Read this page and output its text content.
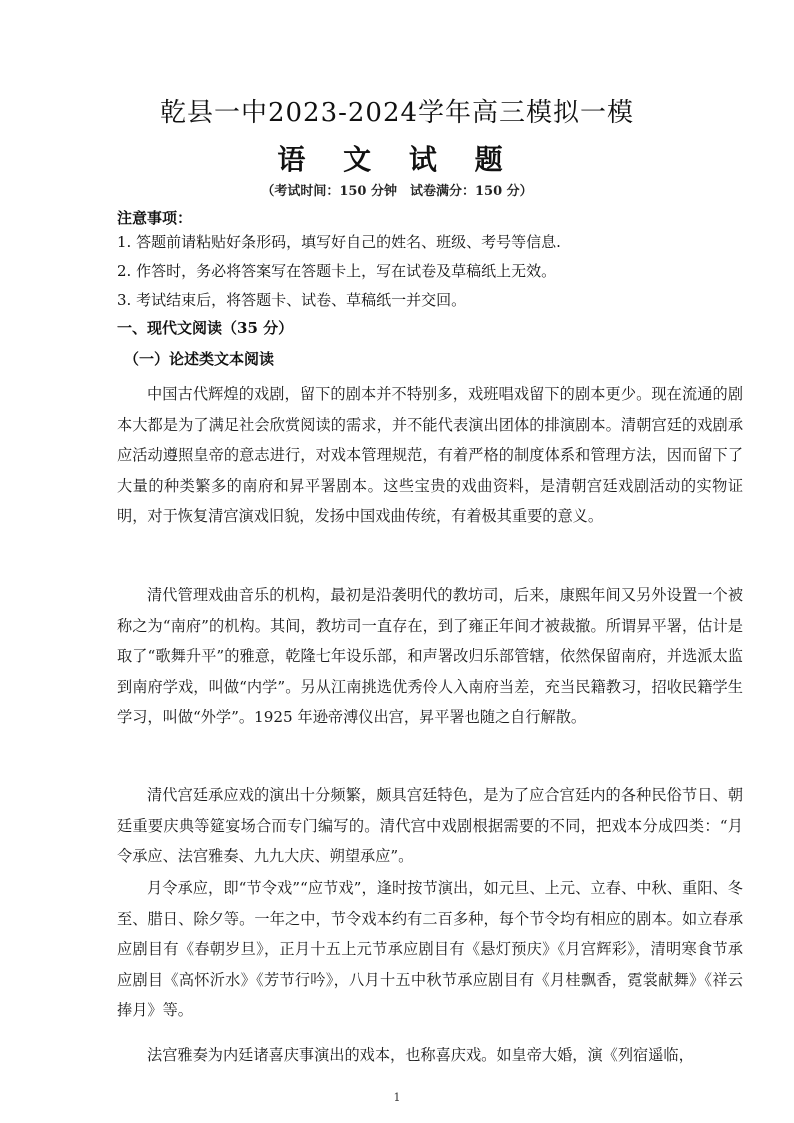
乾县一中2023-2024学年高三模拟一模
语 文 试 题
（考试时间：150 分钟　试卷满分：150 分）
注意事项：
1. 答题前请粘贴好条形码，填写好自己的姓名、班级、考号等信息.
2. 作答时，务必将答案写在答题卡上，写在试卷及草稿纸上无效。
3. 考试结束后，将答题卡、试卷、草稿纸一并交回。
一、现代文阅读（35 分）
（一）论述类文本阅读

中国古代辉煌的戏剧，留下的剧本并不特别多，戏班唱戏留下的剧本更少。现在流通的剧本大都是为了满足社会欣赏阅读的需求，并不能代表演出团体的排演剧本。清朝宫廷的戏剧承应活动遵照皇帝的意志进行，对戏本管理规范，有着严格的制度体系和管理方法，因而留下了大量的种类繁多的南府和昇平署剧本。这些宝贵的戏曲资料，是清朝宫廷戏剧活动的实物证明，对于恢复清宫演戏旧貌，发扬中国戏曲传统，有着极其重要的意义。

清代管理戏曲音乐的机构，最初是沿袭明代的教坊司，后来，康熙年间又另外设置一个被称之为“南府”的机构。其间，教坊司一直存在，到了雍正年间才被裁撤。所谓昇平署，估计是取了“歌舞升平”的雅意，乾隆七年设乐部，和声署改归乐部管辖，依然保留南府，并选派太监到南府学戏，叫做“内学”。另从江南挑选优秀伶人入南府当差，充当民籍教习，招收民籍学生学习，叫做“外学”。1925 年逊帝溥仪出宫，昇平署也随之自行解散。

清代宫廷承应戏的演出十分频繁，颇具宫廷特色，是为了应合宫廷内的各种民俗节日、朝廷重要庆典等筵宴场合而专门编写的。清代宫中戏剧根据需要的不同，把戏本分成四类：“月令承应、法宫雅奏、九九大庆、朔望承应”。

月令承应，即“节令戏”“应节戏”，逢时按节演出，如元旦、上元、立春、中秋、重阳、冬至、腊日、除夕等。一年之中，节令戏本约有二百多种，每个节令均有相应的剧本。如立春承应剧目有《春朝岁旦》，正月十五上元节承应剧目有《悬灯预庆》《月宫辉彩》，清明寒食节承应剧目《高怀沂水》《芳节行吟》，八月十五中秋节承应剧目有《月桂飘香，霓裳献舞》《祥云捧月》等。

法宫雅奏为内廷诸喜庆事演出的戏本，也称喜庆戏。如皇帝大婚，演《列宿遥临，

1
